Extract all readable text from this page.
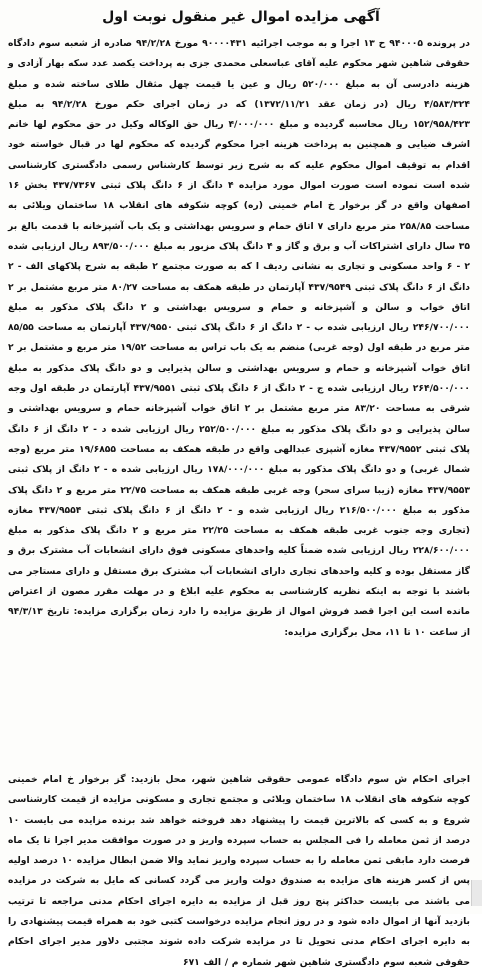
آگهی مزایده اموال غیر منقول نوبت اول
در پرونده ۹۴۰۰۰۵ ح ۱۳ اجرا و به موجب اجرائیه ۹۰۰۰۰۴۳۱ مورخ ۹۴/۲/۲۸ صادره از شعبه سوم دادگاه حقوقی شاهین شهر محکوم علیه آقای عباسعلی محمدی جزی به پرداخت یکصد عدد سکه بهار آزادی و هزینه دادرسی آن به مبلغ ۵۲۰/۰۰۰ ریال و عین یا قیمت چهل مثقال طلای ساخته شده و مبلغ ۴/۵۸۳/۳۲۴ ریال (در زمان عقد ۱۳۷۲/۱۱/۲۱) که در زمان اجرای حکم مورخ ۹۴/۲/۲۸ به مبلغ ۱۵۲/۹۵۸/۴۲۳ ریال محاسبه گردیده و مبلغ ۴/۰۰۰/۰۰۰ ریال حق الوکاله وکیل در حق محکوم لها خانم اشرف ضیایی و همچنین به پرداخت هزینه اجرا محکوم گردیده که محکوم لها در قبال خواسته خود اقدام به توقیف اموال محکوم علیه که به شرح زیر توسط کارشناس رسمی دادگستری کارشناسی شده است نموده است صورت اموال مورد مزایده ۴ دانگ از ۶ دانگ پلاک ثبتی ۴۳۷/۷۳۶۷ بخش ۱۶ اصفهان واقع در گز برخوار خ امام خمینی (ره) کوچه شکوفه های انقلاب ۱۸ ساختمان ویلائی به مساحت ۲۵۸/۸۵ متر مربع دارای ۷ اتاق حمام و سرویس بهداشتی و یک باب آشپزخانه با قدمت بالغ بر ۳۵ سال دارای اشتراکات آب و برق و گاز و ۴ دانگ پلاک مزبور به مبلغ ۸۹۳/۵۰۰/۰۰۰ ریال ارزیابی شده ۲ - ۶ واحد مسکونی و تجاری به نشانی ردیف ا که به صورت مجتمع ۲ طبقه به شرح پلاکهای الف - ۲ دانگ از ۶ دانگ پلاک ثبتی ۴۳۷/۹۵۴۹ آپارتمان در طبقه همکف به مساحت ۸۰/۲۷ متر مربع مشتمل بر ۲ اتاق خواب و سالن و آشپزخانه و حمام و سرویس بهداشتی و ۲ دانگ پلاک مذکور به مبلغ ۲۴۶/۷۰۰/۰۰۰ ریال ارزیابی شده ب - ۲ دانگ از ۶ دانگ پلاک ثبتی ۴۳۷/۹۵۵۰ آپارتمان به مساحت ۸۵/۵۵ متر مربع در طبقه اول (وجه غربی) منضم به یک باب تراس به مساحت ۱۹/۵۲ متر مربع و مشتمل بر ۲ اتاق خواب آشپزخانه و حمام و سرویس بهداشتی و سالن پذیرایی و دو دانگ پلاک مذکور به مبلغ ۲۶۴/۵۰۰/۰۰۰ ریال ارزیابی شده ج - ۲ دانگ از ۶ دانگ پلاک ثبتی ۴۳۷/۹۵۵۱ آپارتمان در طبقه اول وجه شرقی به مساحت ۸۳/۲۰ متر مربع مشتمل بر ۲ اتاق خواب آشپزخانه حمام و سرویس بهداشتی و سالن پذیرایی و دو دانگ پلاک مذکور به مبلغ ۲۵۲/۵۰۰/۰۰۰ ریال ارزیابی شده د - ۲ دانگ از ۶ دانگ پلاک ثبتی ۴۳۷/۹۵۵۲ مغازه آشپزی عبدالهی واقع در طبقه همکف به مساحت ۱۹/۶۸۵۵ متر مربع (وجه شمال غربی) و دو دانگ پلاک مذکور به مبلغ ۱۷۸/۰۰۰/۰۰۰ ریال ارزیابی شده ه - ۲ دانگ از پلاک ثبتی ۴۳۷/۹۵۵۳ مغازه (زیبا سرای سحر) وجه غربی طبقه همکف به مساحت ۲۲/۷۵ متر مربع و ۲ دانگ پلاک مذکور به مبلغ ۲۱۶/۵۰۰/۰۰۰ ریال ارزیابی شده و - ۲ دانگ از ۶ دانگ پلاک ثبتی ۴۳۷/۹۵۵۴ مغازه (تجاری وجه جنوب غربی طبقه همکف به مساحت ۲۲/۲۵ متر مربع و ۲ دانگ پلاک مذکور به مبلغ ۲۲۸/۶۰۰/۰۰۰ ریال ارزیابی شده ضمناً کلیه واحدهای مسکونی فوق دارای انشعابات آب مشترک برق و گاز مستقل بوده و کلیه واحدهای تجاری دارای انشعابات آب مشترک برق مستقل و دارای مستاجر می باشند با توجه به اینکه نظریه کارشناسی به محکوم علیه ابلاغ و در مهلت مقرر مصون از اعتراض مانده است این اجرا قصد فروش اموال از طریق مزایده را دارد زمان برگزاری مزایده: تاریخ ۹۴/۳/۱۳ از ساعت ۱۰ تا ۱۱، محل برگزاری مزایده:
اجرای احکام ش سوم دادگاه عمومی حقوقی شاهین شهر، محل بازدید: گز برخوار خ امام خمینی کوچه شکوفه های انقلاب ۱۸ ساختمان ویلائی و مجتمع تجاری و مسکونی مزایده از قیمت کارشناسی شروع و به کسی که بالاترین قیمت را پیشنهاد دهد فروخته خواهد شد برنده مزایده می بایست ۱۰ درصد از ثمن معامله را فی المجلس به حساب سپرده واریز و در صورت موافقت مدیر اجرا تا یک ماه فرصت دارد مابقی ثمن معامله را به حساب سپرده واریز نماید والا ضمن ابطال مزایده ۱۰ درصد اولیه پس از کسر هزینه های مزایده به صندوق دولت واریز می گردد کسانی که مایل به شرکت در مزایده می باشند می بایست حداکثر پنج روز قبل از مزایده به دایره اجرای احکام مدنی مراجعه تا ترتیب بازدید آنها از اموال داده شود و در روز انجام مزایده درخواست کتبی خود به همراه قیمت پیشنهادی را به دایره اجرای احکام مدنی تحویل تا در مزایده شرکت داده شوند مجتبی دلاور مدیر اجرای احکام حقوقی شعبه سوم دادگستری شاهین شهر شماره م / الف ۶۷۱
